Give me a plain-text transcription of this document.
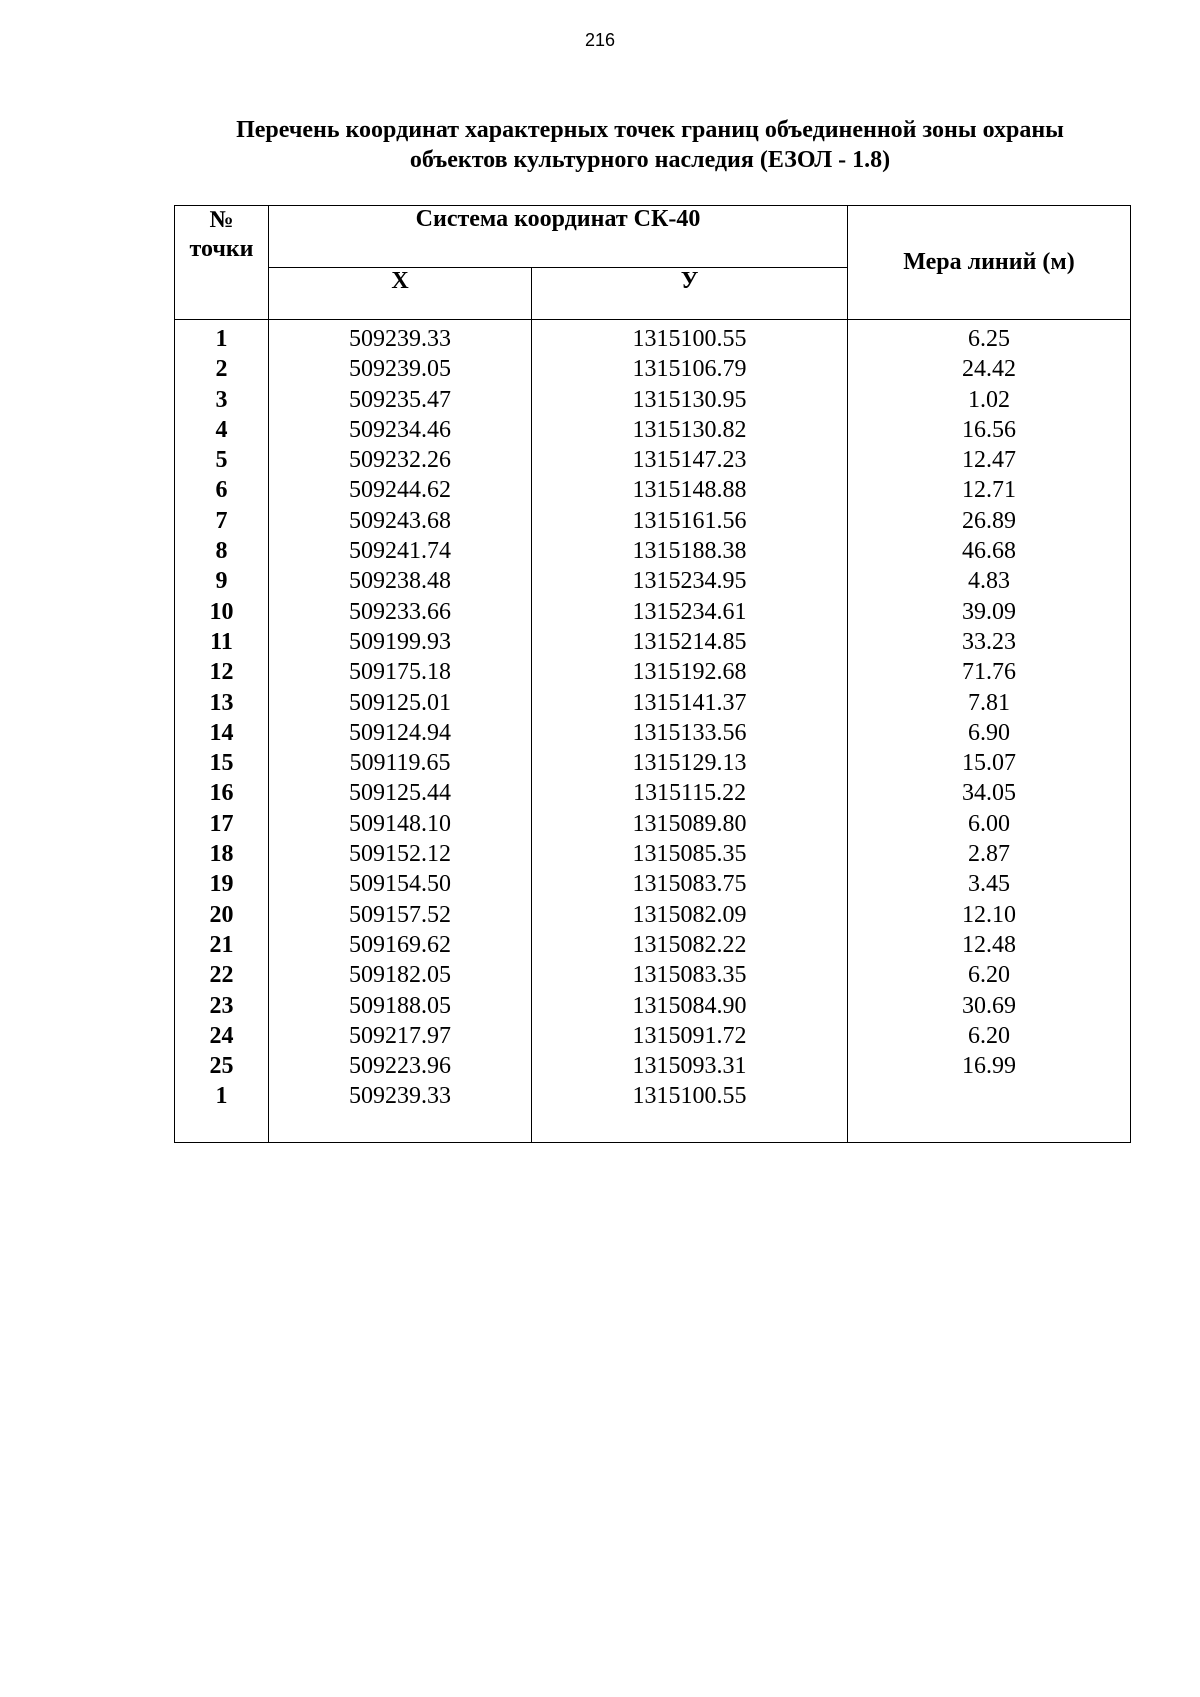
216
Перечень координат характерных точек границ объединенной зоны охраны
объектов культурного наследия (ЕЗОЛ - 1.8)
№
точки	Система координат СК-40		Мера линий (м)
	Х	У	
1	509239.33	1315100.55	6.25
2	509239.05	1315106.79	24.42
3	509235.47	1315130.95	1.02
4	509234.46	1315130.82	16.56
5	509232.26	1315147.23	12.47
6	509244.62	1315148.88	12.71
7	509243.68	1315161.56	26.89
8	509241.74	1315188.38	46.68
9	509238.48	1315234.95	4.83
10	509233.66	1315234.61	39.09
11	509199.93	1315214.85	33.23
12	509175.18	1315192.68	71.76
13	509125.01	1315141.37	7.81
14	509124.94	1315133.56	6.90
15	509119.65	1315129.13	15.07
16	509125.44	1315115.22	34.05
17	509148.10	1315089.80	6.00
18	509152.12	1315085.35	2.87
19	509154.50	1315083.75	3.45
20	509157.52	1315082.09	12.10
21	509169.62	1315082.22	12.48
22	509182.05	1315083.35	6.20
23	509188.05	1315084.90	30.69
24	509217.97	1315091.72	6.20
25	509223.96	1315093.31	16.99
1	509239.33	1315100.55	
